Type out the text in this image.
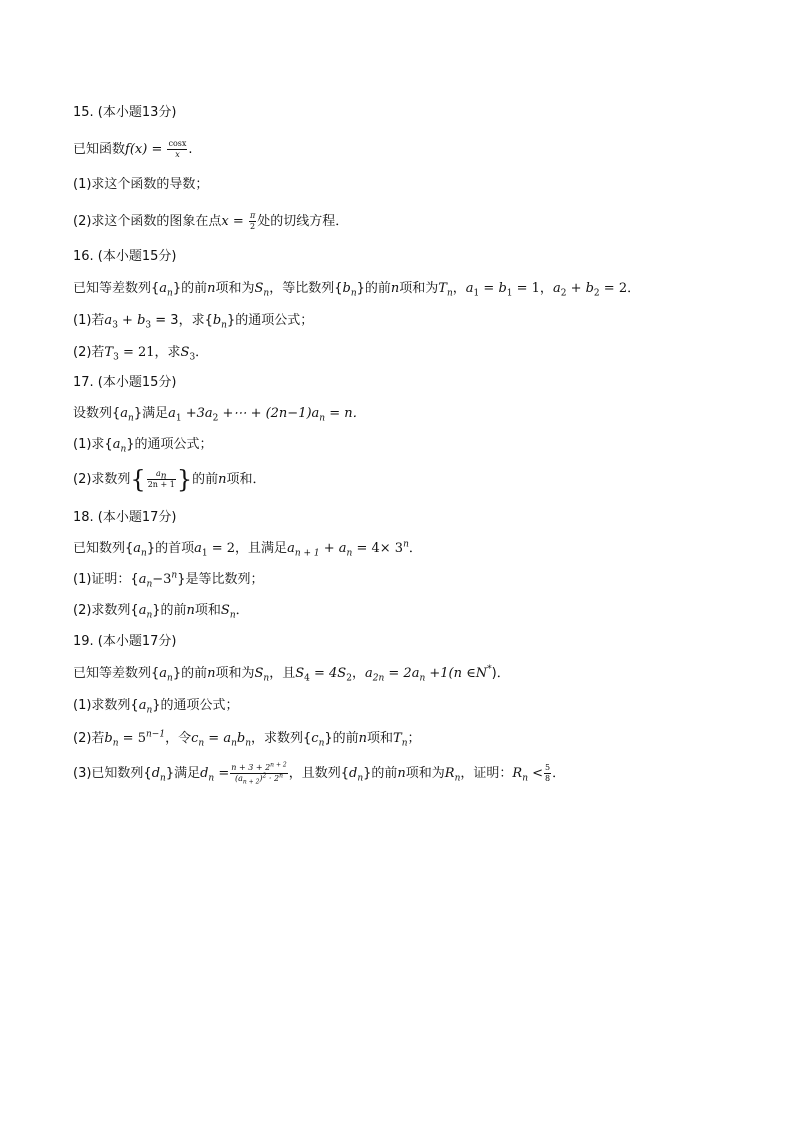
15. (本小题13分)
已知函数$f(x) = \frac{\cos x}{x}$ .
(1)求这个函数的导数；
(2)求这个函数的图象在点$x = \frac{\pi}{2}$ 处的切线方程．
16. (本小题15分)
已知等差数列$\{a_n\}$的前n项和为$S_n$，等比数列$\{b_n\}$的前n项和为$T_n$，$a_1 = b_1 = 1$，$a_2 + b_2 = 2$．
(1)若$a_3 + b_3 = 3$，求$\{b_n\}$的通项公式；
(2)若$T_3 = 21$，求$S_3$．
17. (本小题15分)
设数列$\{a_n\}$满足$a_1 +3a_2$ +⋯ + $(2n-1)a_n = n$．
(1)求$\{a_n\}$的通项公式；
(2)求数列{ $\frac{a_n}{2n + 1}$ }的前n项和．
18. (本小题17分)
已知数列$\{a_n\}$的首项$a_1 = 2$，且满足$a_{n + 1} + a_n = 4\times 3^n$．
(1)证明：$\{a_n-3^n\}$是等比数列；
(2)求数列$\{a_n\}$的前n项和$S_n$．
19. (本小题17分)
已知等差数列$\{a_n\}$的前n项和为$S_n$，且$S_4 = 4S_2$，$a_{2n} = 2a_n +1(n$ ∈N*)．
(1)求数列$\{a_n\}$的通项公式；
(2)若$b_n = 5^{n-1}$，令$c_n = a_nb_n$，求数列$\{c_n\}$的前n项和$T_n$；
(3)已知数列$\{d_n\}$满足$d_n = \frac{n + 3 + 2^{n + 2}}{(a_{n + 2})^2 \cdot 2^n}$ ，且数列$\{d_n\}$的前n项和为$R_n$，证明：$R_n < \frac{5}{8}$ ．
